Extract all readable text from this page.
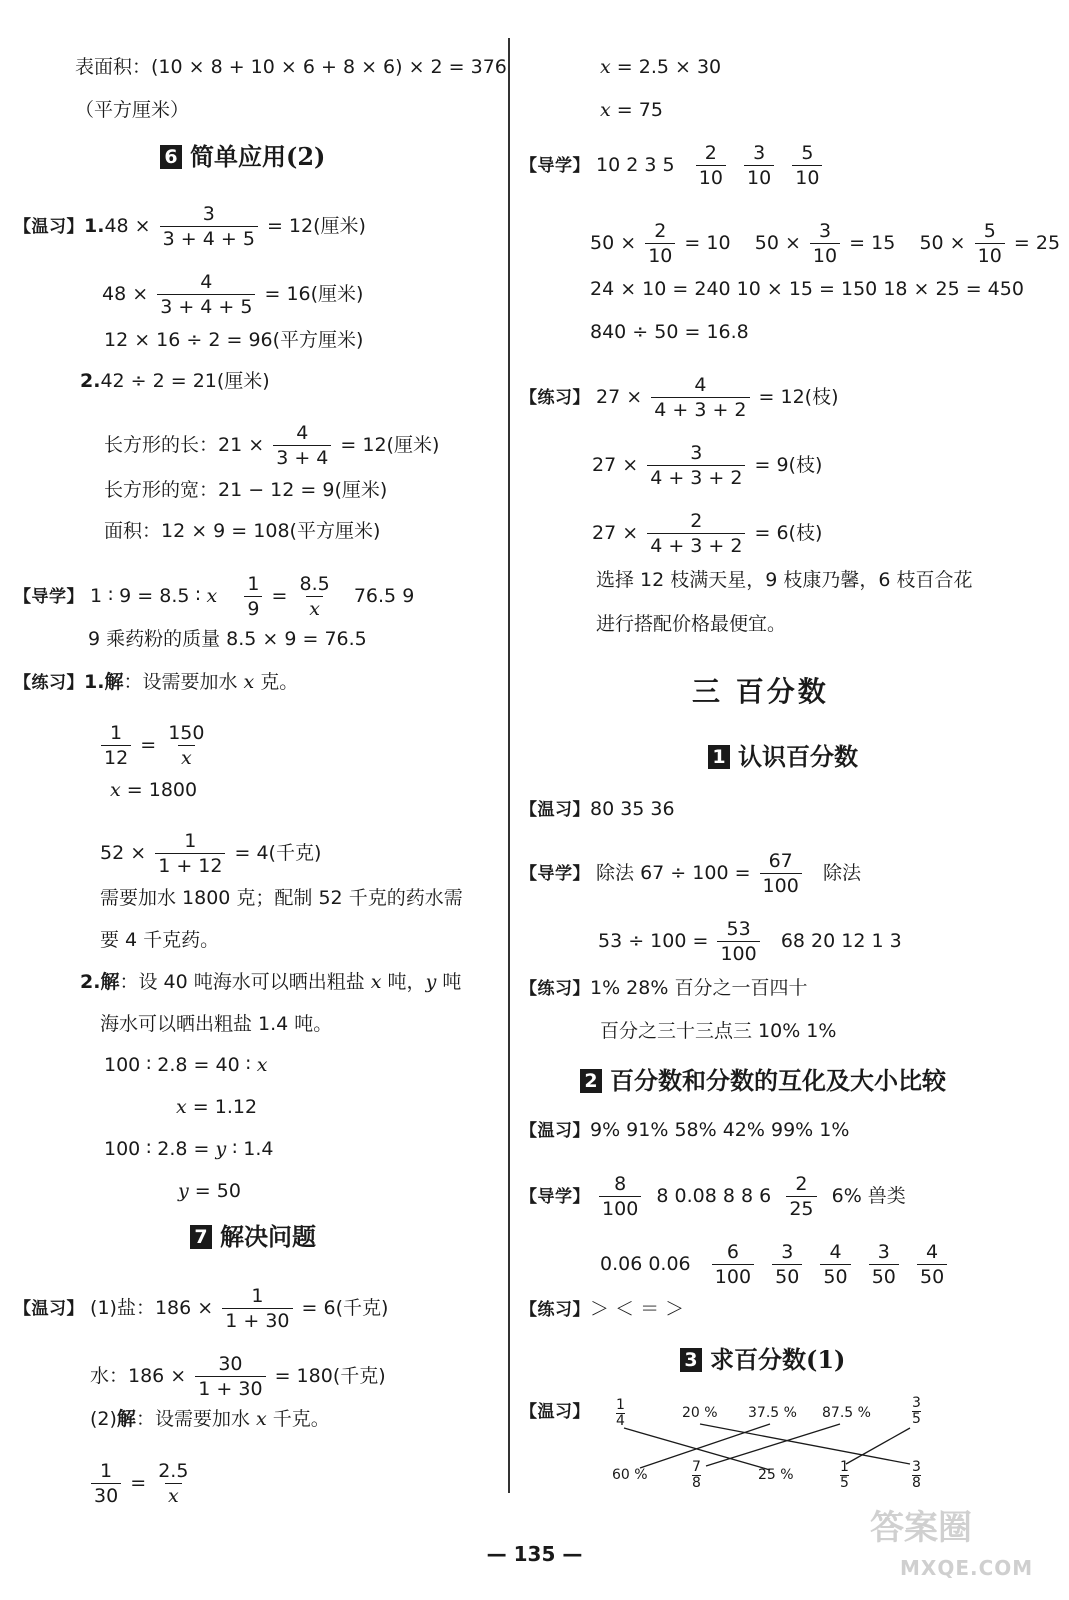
表面积：(10 × 8 + 10 × 6 + 8 × 6) × 2 = 376
（平方厘米）
6 简单应用(2)
【温习】$1.48 \times \frac{3}{3 + 4 + 5} = 12$(厘米)
$48 \times \frac{4}{3 + 4 + 5} = 16$(厘米)
12 × 16 ÷ 2 = 96(平方厘米)
2.42 ÷ 2 = 21(厘米)
长方形的长：$21 \times \frac{4}{3 + 4} = 12$(厘米)
长方形的宽：21 − 12 = 9(厘米)
面积：12 × 9 = 108(平方厘米)
【导学】 1 ∶ 9 = 8.5 ∶ x $\frac{1}{9} = \frac{8.5}{x} 76.5$ 9
9 乘药粉的质量 8.5 × 9 = 76.5
【练习】1.解：设需要加水 x 克。
$\frac{1}{12} = \frac{150}{x}$
x = 1800
$52 \times \frac{1}{1 + 12} = 4$(千克)
需要加水 1800 克；配制 52 千克的药水需
要 4 千克药。
2.解：设 40 吨海水可以晒出粗盐 x 吨，y 吨
海水可以晒出粗盐 1.4 吨。
100 ∶ 2.8 = 40 ∶ x
x = 1.12
100 ∶ 2.8 = y ∶ 1.4
y = 50
7 解决问题
【温习】 (1)盐：$186 \times \frac{1}{1 + 30} = 6$(千克)
水：$186 \times \frac{30}{1 + 30} = 180$(千克)
(2)解：设需要加水 x 千克。
$\frac{1}{30} = \frac{2.5}{x}$
x = 2.5 × 30
x = 75
【导学】 10 2 3 $5 \frac{2}{10}$
$\frac{3}{10}$
$\frac{5}{10}$
$50 \times \frac{2}{10} = 10$ $50 \times \frac{3}{10} = 15$ $50 \times \frac{5}{10} = 25$
24 × 10 = 240 10 × 15 = 150 18 × 25 = 450
840 ÷ 50 = 16.8
【练习】 $27 \times \frac{4}{4 + 3 + 2} = 12$(枝)
$27 \times \frac{3}{4 + 3 + 2} = 9$(枝)
$27 \times \frac{2}{4 + 3 + 2} = 6$(枝)
选择 12 枝满天星，9 枝康乃馨，6 枝百合花
进行搭配价格最便宜。
三 百分数
1 认识百分数
【温习】80 35 36
【导学】 除法 $67 \div 100 = \frac{67}{100}$ 除法
$53 \div 100 = \frac{53}{100} 68$ 20 12 1 3
【练习】1% 28% 百分之一百四十
百分之三十三点三 10% 1%
2 百分数和分数的互化及大小比较
【温习】9% 91% 58% 42% 99% 1%
【导学】 $\frac{8}{100} 8$ 0.08 8 8 $6 \frac{2}{25} 6\%$ 兽类
0.06 $0.06 \frac{6}{100}$
$\frac{3}{50}$
$\frac{4}{50}$
$\frac{3}{50}$
$\frac{4}{50}$
【练习】＞ ＜ ＝ ＞
3 求百分数(1)
【温习】 1
4	20 % 37.5 % 87.5 %
3
5
60 %	7
8	25 %	1
5
3
8
— 135 —
答案圈
MXQE.COM
